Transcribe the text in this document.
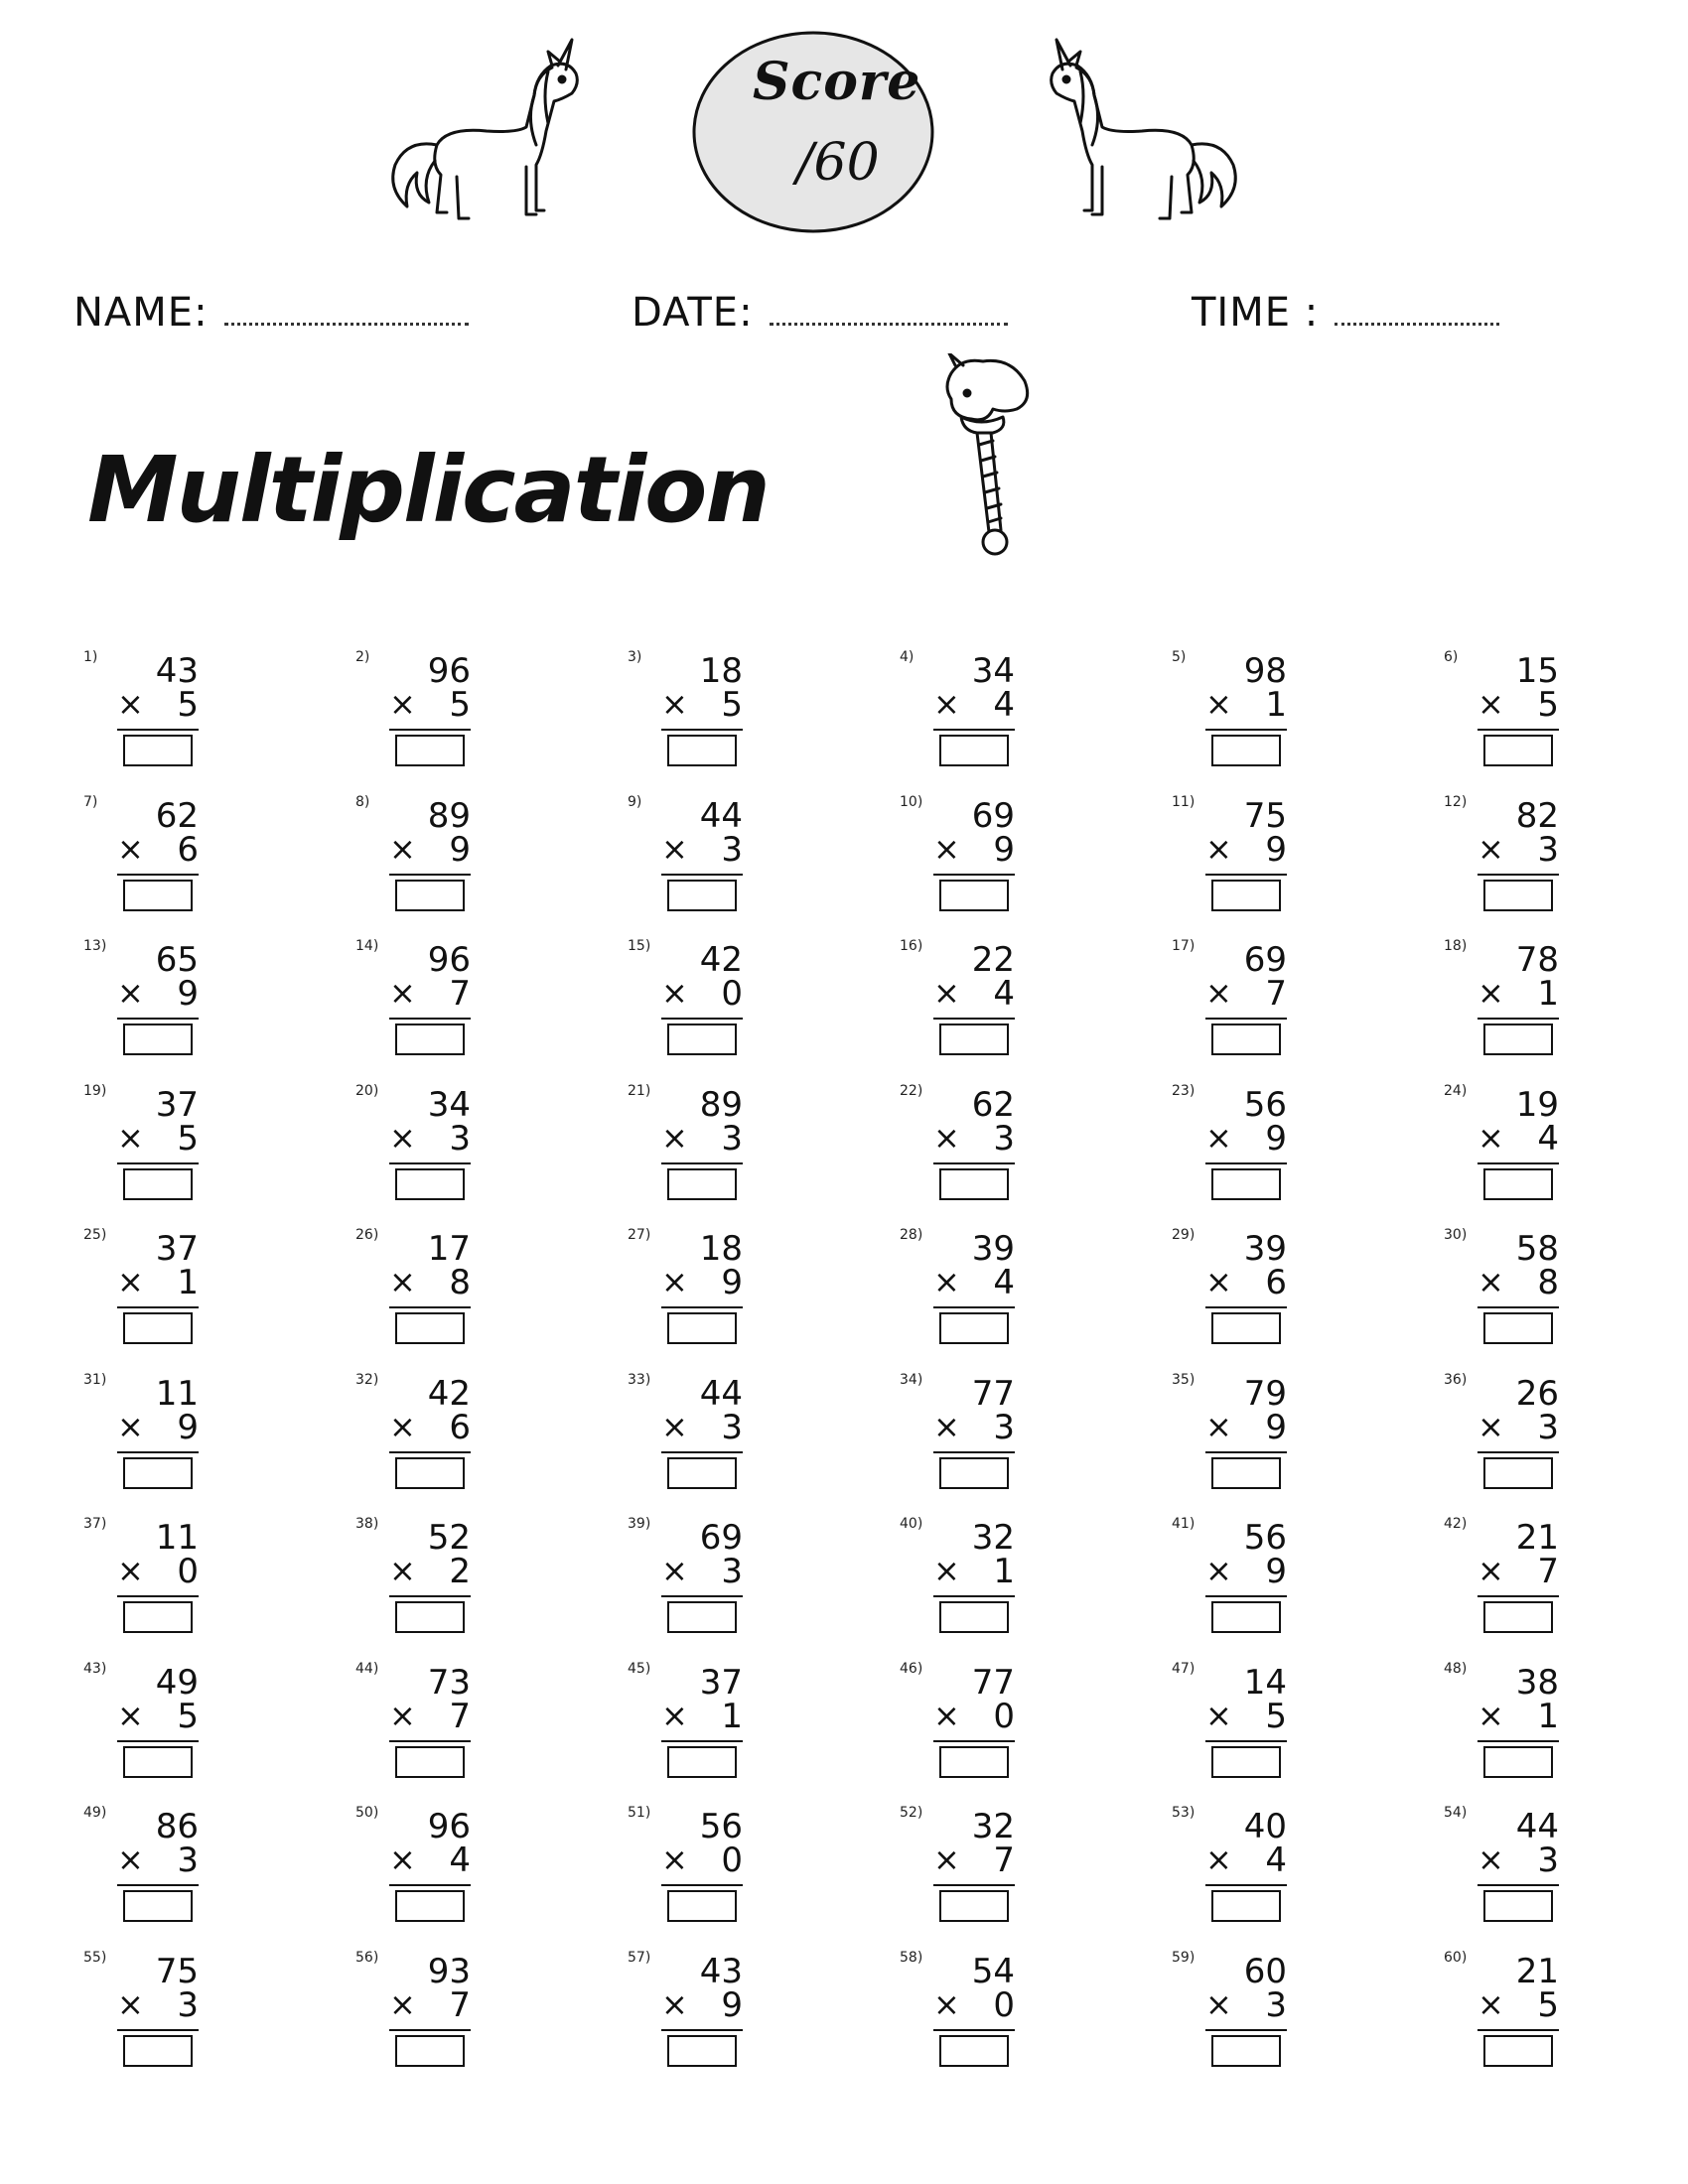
Score
/60
NAME:	DATE:	TIME :
Multiplication
1) 43
× 5
2) 96
× 5
3) 18
× 5
4) 34
× 4
5) 98
× 1
6) 15
× 5
7) 62
× 6
8) 89
× 9
9) 44
× 3
10) 69
× 9
11) 75
× 9
12) 82
× 3
13) 65
× 9
14) 96
× 7
15) 42
× 0
16) 22
× 4
17) 69
× 7
18) 78
× 1
19) 37
× 5
20) 34
× 3
21) 89
× 3
22) 62
× 3
23) 56
× 9
24) 19
× 4
25) 37
× 1
26) 17
× 8
27) 18
× 9
28) 39
× 4
29) 39
× 6
30) 58
× 8
31) 11
× 9
32) 42
× 6
33) 44
× 3
34) 77
× 3
35) 79
× 9
36) 26
× 3
37) 11
× 0
38) 52
× 2
39) 69
× 3
40) 32
× 1
41) 56
× 9
42) 21
× 7
43) 49
× 5
44) 73
× 7
45) 37
× 1
46) 77
× 0
47) 14
× 5
48) 38
× 1
49) 86
× 3
50) 96
× 4
51) 56
× 0
52) 32
× 7
53) 40
× 4
54) 44
× 3
55) 75
× 3
56) 93
× 7
57) 43
× 9
58) 54
× 0
59) 60
× 3
60) 21
× 5
